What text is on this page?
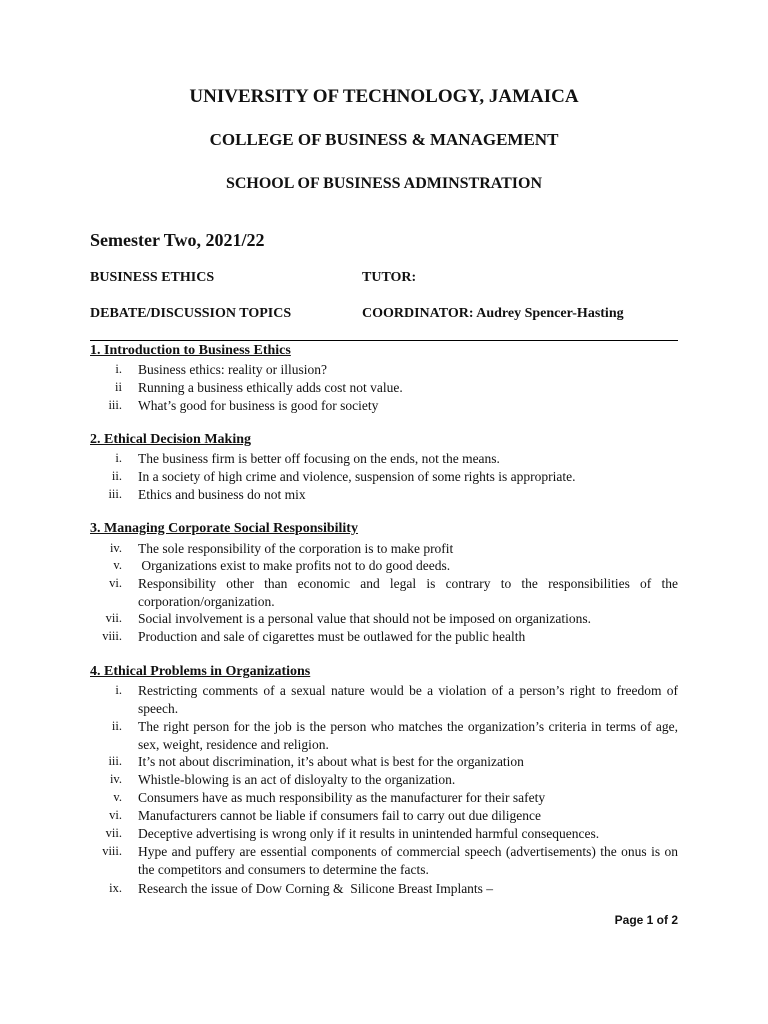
UNIVERSITY OF TECHNOLOGY, JAMAICA
COLLEGE OF BUSINESS & MANAGEMENT
SCHOOL OF BUSINESS ADMINSTRATION
Semester Two, 2021/22
BUSINESS ETHICS	TUTOR:
DEBATE/DISCUSSION TOPICS	COORDINATOR: Audrey Spencer-Hasting
1. Introduction to Business Ethics
i. Business ethics: reality or illusion?
ii Running a business ethically adds cost not value.
iii. What’s good for business is good for society
2. Ethical Decision Making
i. The business firm is better off focusing on the ends, not the means.
ii. In a society of high crime and violence, suspension of some rights is appropriate.
iii. Ethics and business do not mix
3. Managing Corporate Social Responsibility
iv. The sole responsibility of the corporation is to make profit
v. Organizations exist to make profits not to do good deeds.
vi. Responsibility other than economic and legal is contrary to the responsibilities of the corporation/organization.
vii. Social involvement is a personal value that should not be imposed on organizations.
viii. Production and sale of cigarettes must be outlawed for the public health
4. Ethical Problems in Organizations
i. Restricting comments of a sexual nature would be a violation of a person’s right to freedom of speech.
ii. The right person for the job is the person who matches the organization’s criteria in terms of age, sex, weight, residence and religion.
iii. It’s not about discrimination, it’s about what is best for the organization
iv. Whistle-blowing is an act of disloyalty to the organization.
v. Consumers have as much responsibility as the manufacturer for their safety
vi. Manufacturers cannot be liable if consumers fail to carry out due diligence
vii. Deceptive advertising is wrong only if it results in unintended harmful consequences.
viii. Hype and puffery are essential components of commercial speech (advertisements) the onus is on the competitors and consumers to determine the facts.
ix. Research the issue of Dow Corning &  Silicone Breast Implants –
Page 1 of 2
